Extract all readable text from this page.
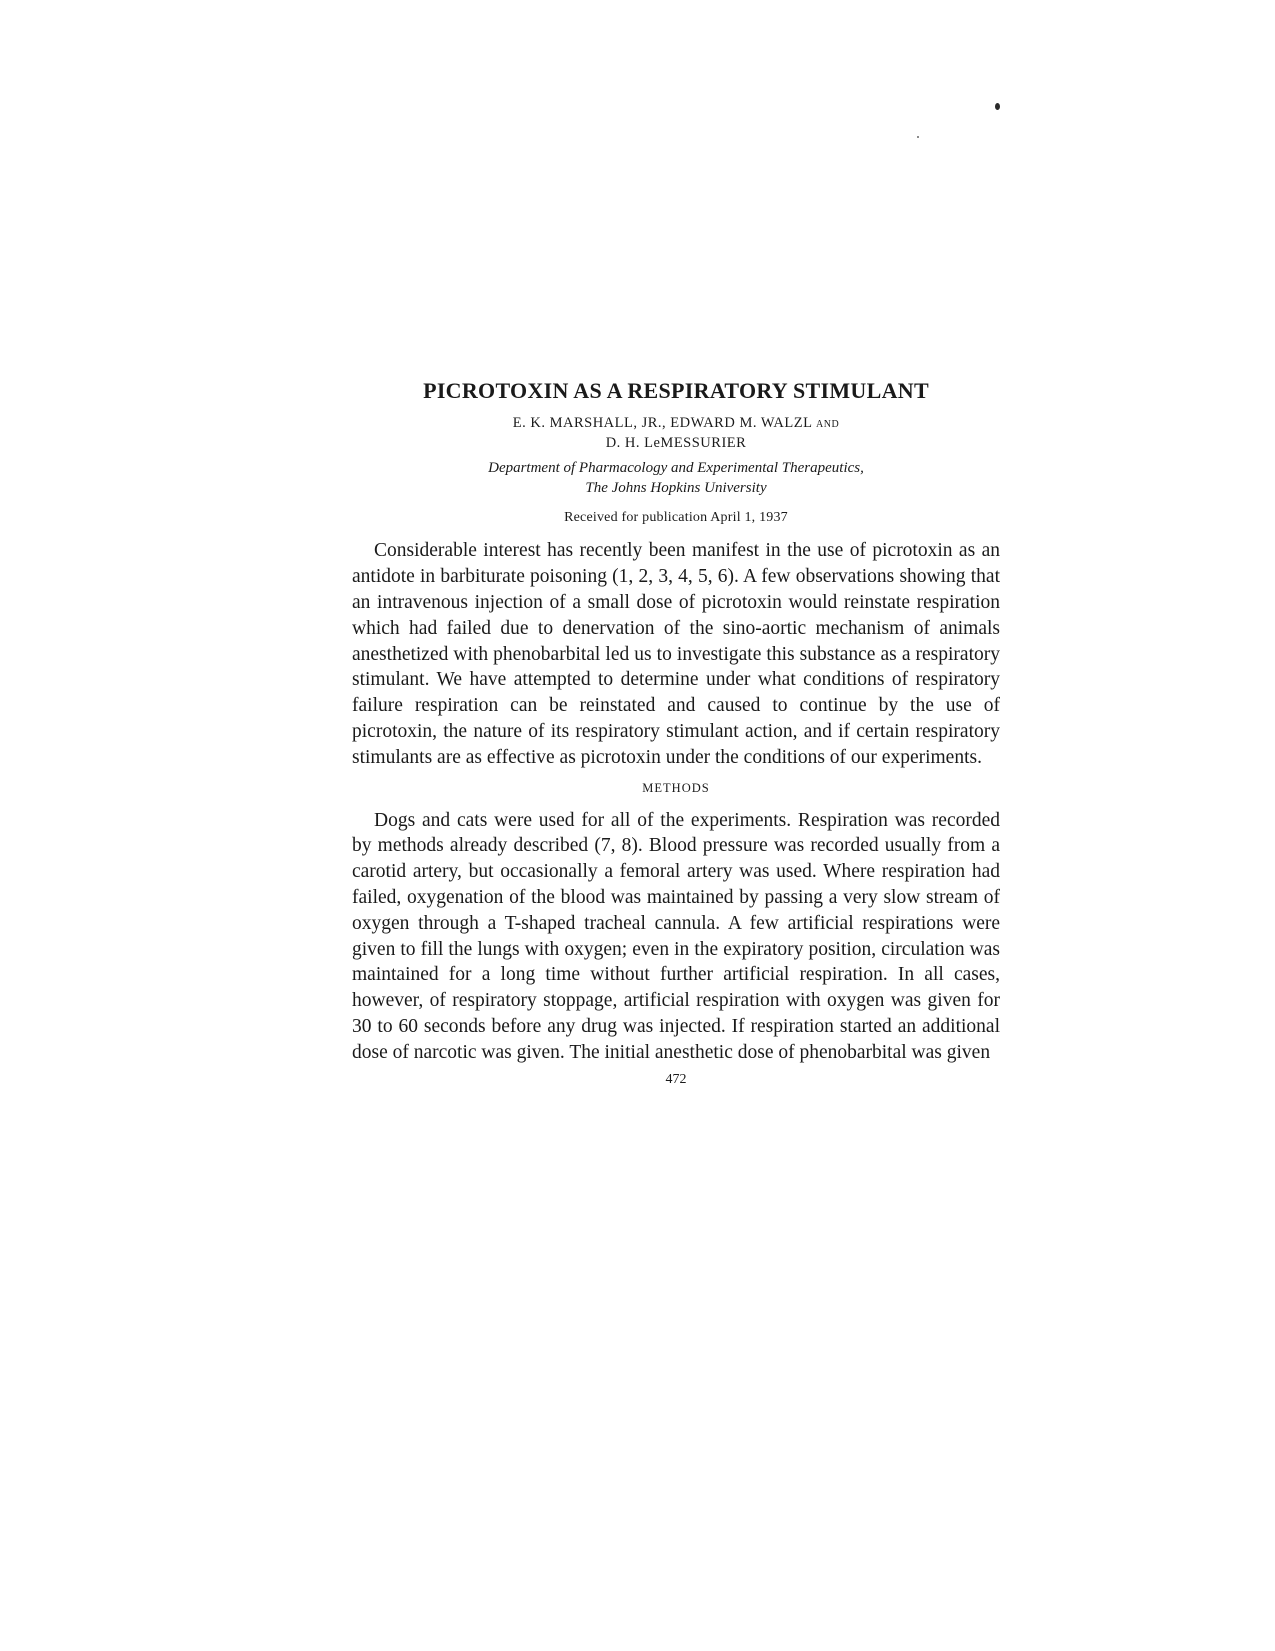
PICROTOXIN AS A RESPIRATORY STIMULANT
E. K. MARSHALL, JR., EDWARD M. WALZL AND
D. H. LeMESSURIER
Department of Pharmacology and Experimental Therapeutics,
The Johns Hopkins University
Received for publication April 1, 1937

Considerable interest has recently been manifest in the use of picrotoxin as an antidote in barbiturate poisoning (1, 2, 3, 4, 5, 6). A few observations showing that an intravenous injection of a small dose of picrotoxin would reinstate respiration which had failed due to denervation of the sino-aortic mechanism of animals anesthetized with phenobarbital led us to investigate this substance as a respiratory stimulant. We have attempted to determine under what conditions of respiratory failure respiration can be reinstated and caused to continue by the use of picrotoxin, the nature of its respiratory stimulant action, and if certain respiratory stimulants are as effective as picrotoxin under the conditions of our experiments.

METHODS

Dogs and cats were used for all of the experiments. Respiration was recorded by methods already described (7, 8). Blood pressure was recorded usually from a carotid artery, but occasionally a femoral artery was used. Where respiration had failed, oxygenation of the blood was maintained by passing a very slow stream of oxygen through a T-shaped tracheal cannula. A few artificial respirations were given to fill the lungs with oxygen; even in the expiratory position, circulation was maintained for a long time without further artificial respiration. In all cases, however, of respiratory stoppage, artificial respiration with oxygen was given for 30 to 60 seconds before any drug was injected. If respiration started an additional dose of narcotic was given. The initial anesthetic dose of phenobarbital was given

472
